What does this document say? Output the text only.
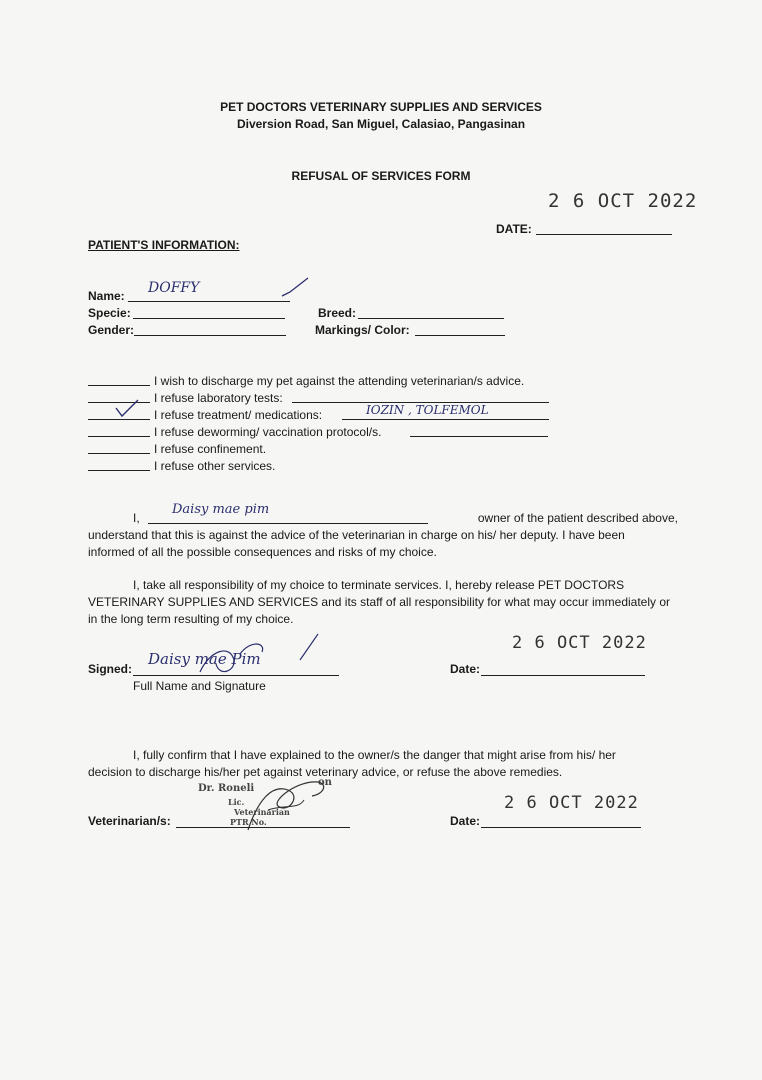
PET DOCTORS VETERINARY SUPPLIES AND SERVICES
Diversion Road, San Miguel, Calasiao, Pangasinan
REFUSAL OF SERVICES FORM
2 6 OCT 2022
DATE:
PATIENT'S INFORMATION:
Name: DOFFY
Specie:
Gender:
Breed:
Markings/ Color:
I wish to discharge my pet against the attending veterinarian/s advice.
I refuse laboratory tests:
I refuse treatment/ medications:	IOZIN , TOLFEMOL
I refuse deworming/ vaccination protocol/s.
I refuse confinement.
I refuse other services.
I,
Daisy mae pim
owner of the patient described above,
understand that this is against the advice of the veterinarian in charge on his/ her deputy. I have been
informed of all the possible consequences and risks of my choice.
I, take all responsibility of my choice to terminate services. I, hereby release PET DOCTORS
VETERINARY SUPPLIES AND SERVICES and its staff of all responsibility for what may occur immediately or
in the long term resulting of my choice.
Signed:
Daisy mae Pim
Full Name and Signature
2 6 OCT 2022
Date:
I, fully confirm that I have explained to the owner/s the danger that might arise from his/ her
decision to discharge his/her pet against veterinary advice, or refuse the above remedies.
Dr. Roneli
on
Lic.
Veterinarian
PTR No.
Veterinarian/s:
2 6 OCT 2022
Date:
